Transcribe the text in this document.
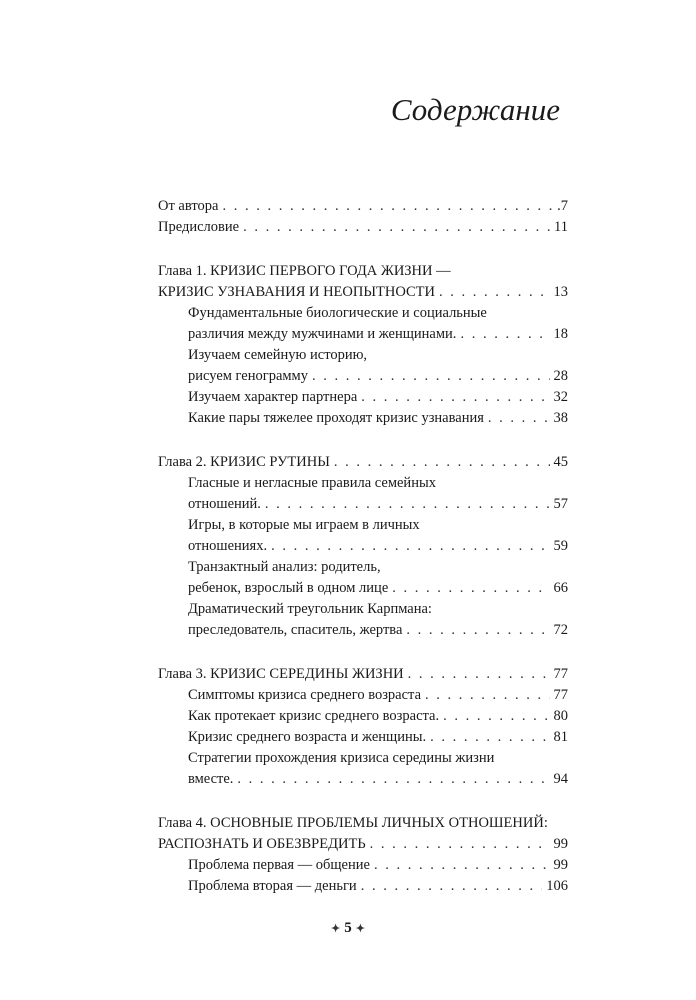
Содержание
От автора . . .	.7
Предисловие . . .	11
Глава 1. КРИЗИС ПЕРВОГО ГОДА ЖИЗНИ —
КРИЗИС УЗНАВАНИЯ И НЕОПЫТНОСТИ . . .	13
Фундаментальные биологические и социальные
различия между мужчинами и женщинами. . . .	18
Изучаем семейную историю,
рисуем генограмму . . .	28
Изучаем характер партнера . . .	32
Какие пары тяжелее проходят кризис узнавания . . .	38
Глава 2. КРИЗИС РУТИНЫ . . .	45
Гласные и негласные правила семейных
отношений. . . .	57
Игры, в которые мы играем в личных
отношениях. . . .	59
Транзактный анализ: родитель,
ребенок, взрослый в одном лице . . .	66
Драматический треугольник Карпмана:
преследователь, спаситель, жертва . . .	72
Глава 3. КРИЗИС СЕРЕДИНЫ ЖИЗНИ . . .	77
Симптомы кризиса среднего возраста . . .	77
Как протекает кризис среднего возраста. . . .	80
Кризис среднего возраста и женщины. . . .	81
Стратегии прохождения кризиса середины жизни
вместе. . . .	94
Глава 4. ОСНОВНЫЕ ПРОБЛЕМЫ ЛИЧНЫХ ОТНОШЕНИЙ:
РАСПОЗНАТЬ И ОБЕЗВРЕДИТЬ . . .	99
Проблема первая — общение . . .	99
Проблема вторая — деньги . . .	106
✦ 5 ✦
